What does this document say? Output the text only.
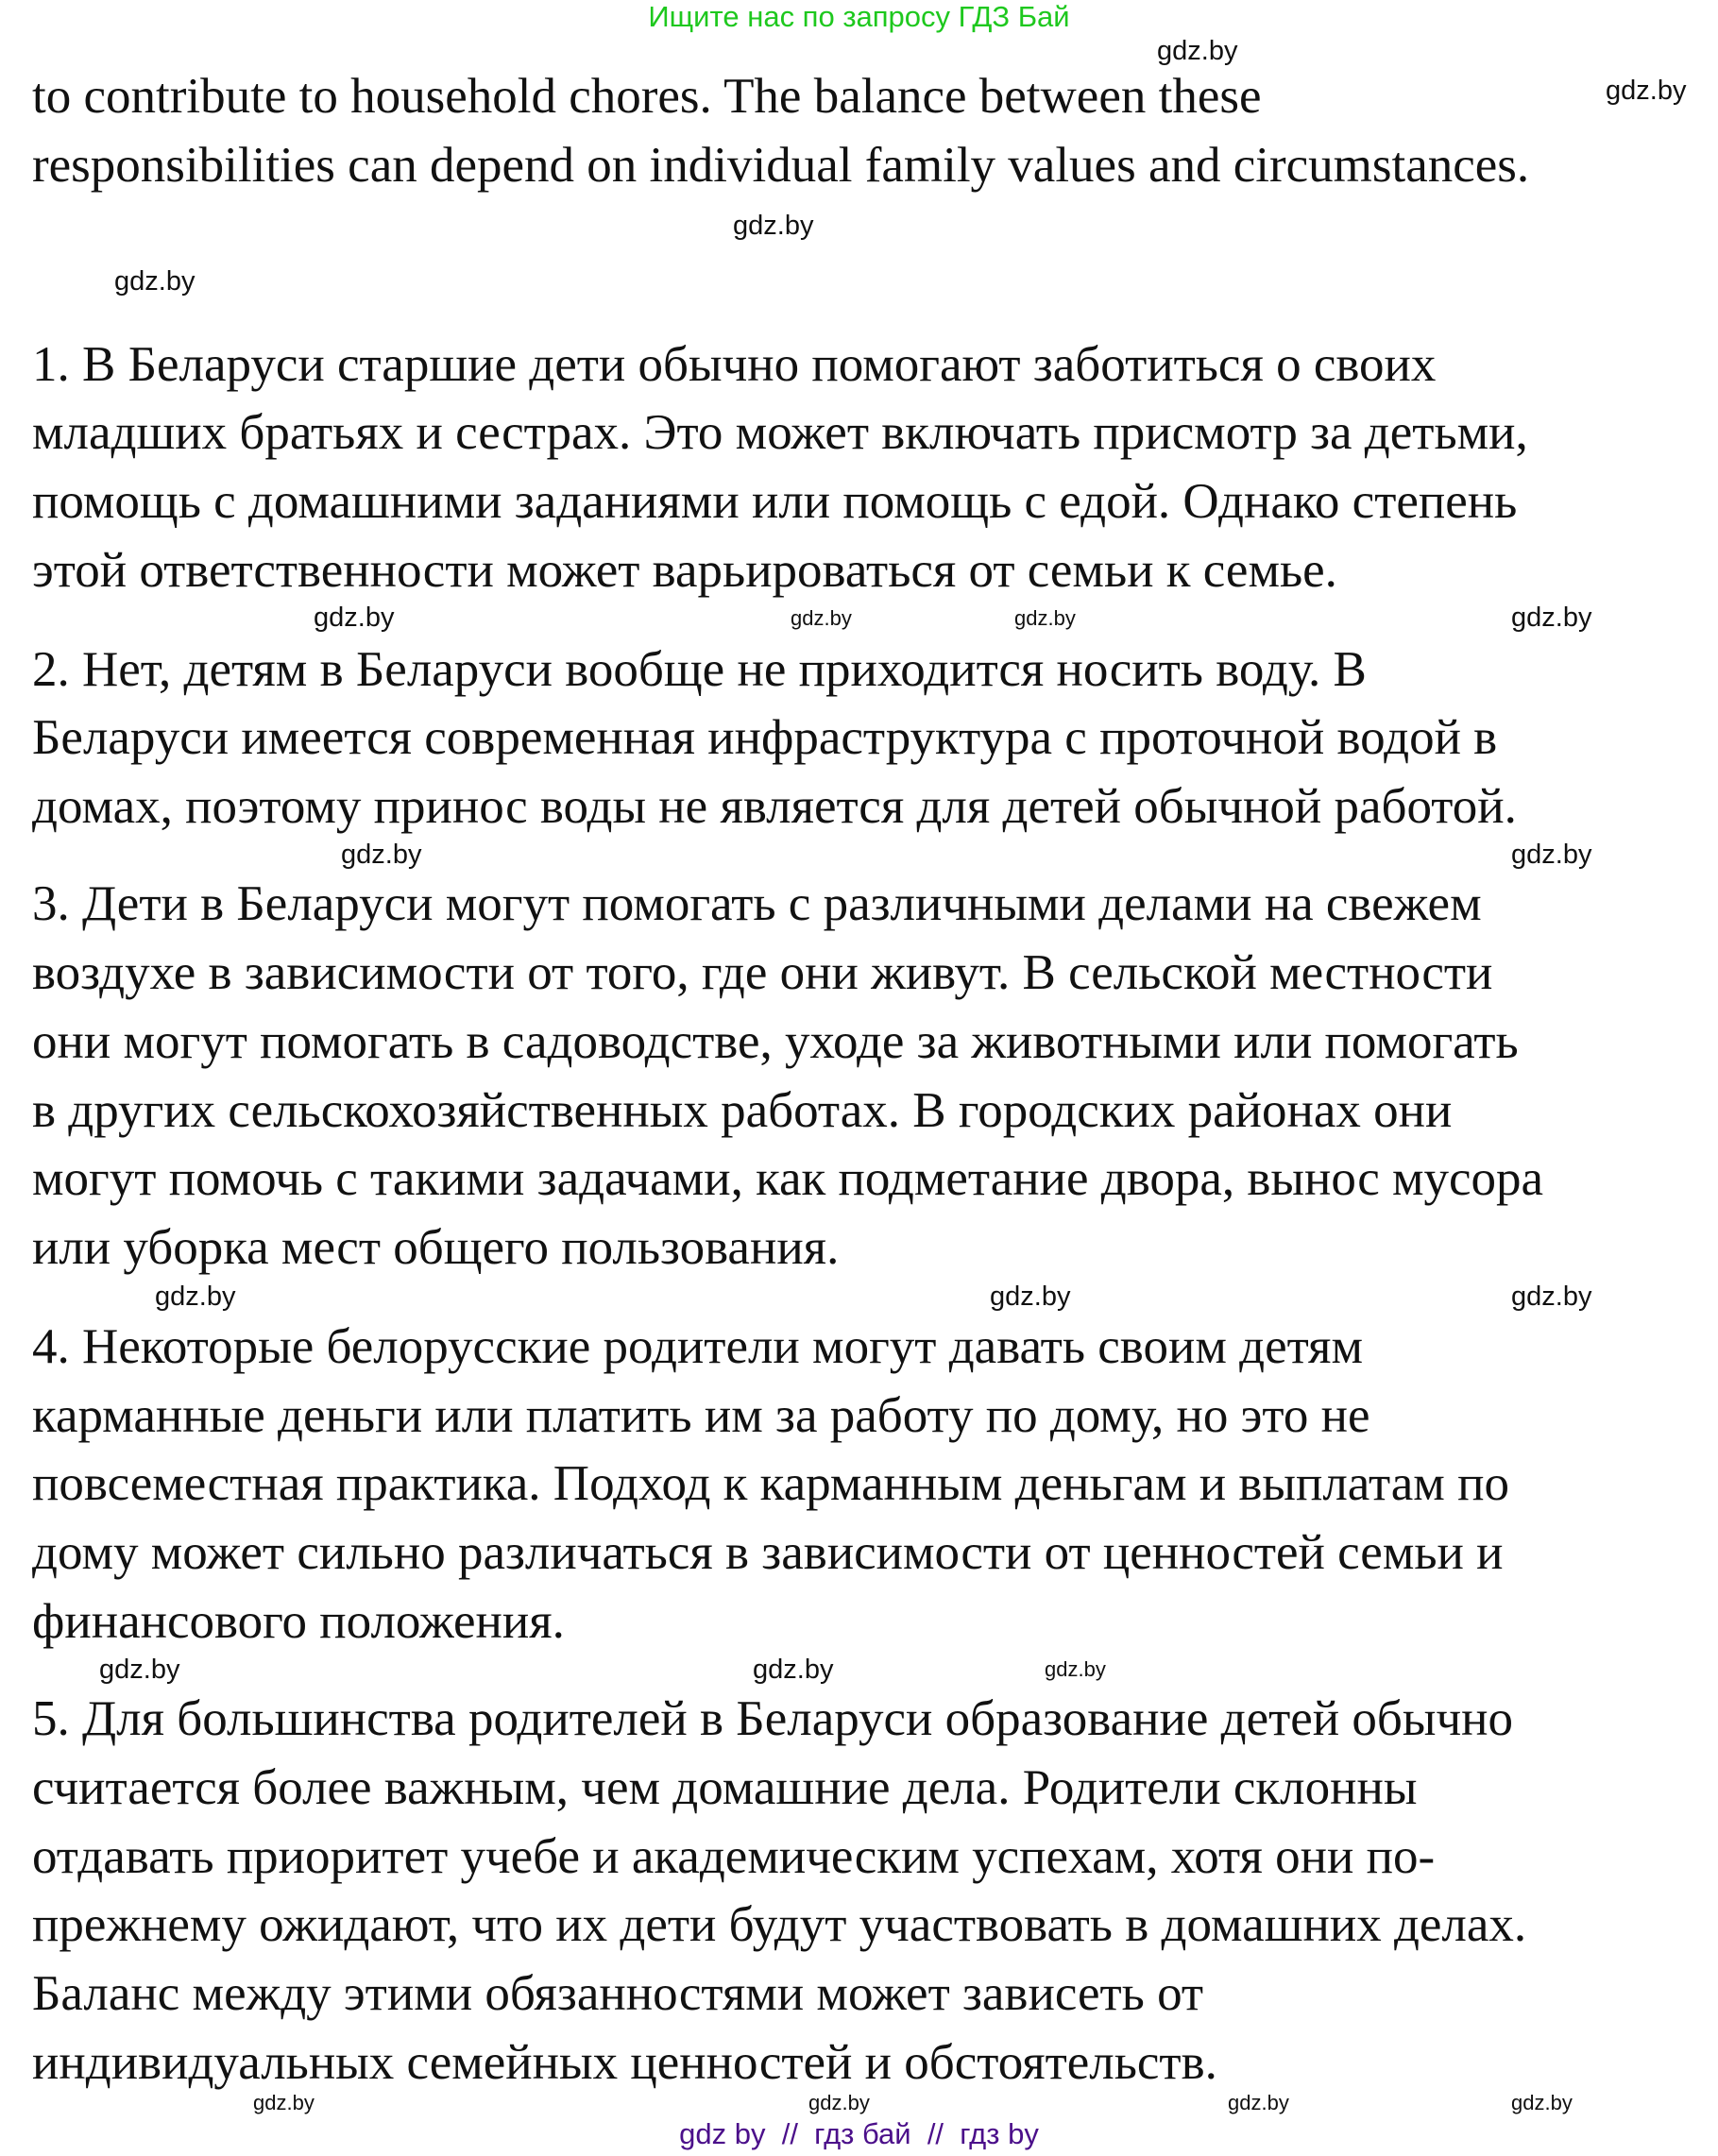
Ищите нас по запросу ГДЗ Бай
to contribute to household chores. The balance between these
responsibilities can depend on individual family values and circumstances.
1. В Беларуси старшие дети обычно помогают заботиться о своих
младших братьях и сестрах. Это может включать присмотр за детьми,
помощь с домашними заданиями или помощь с едой. Однако степень
этой ответственности может варьироваться от семьи к семье.
2. Нет, детям в Беларуси вообще не приходится носить воду. В
Беларуси имеется современная инфраструктура с проточной водой в
домах, поэтому принос воды не является для детей обычной работой.
3. Дети в Беларуси могут помогать с различными делами на свежем
воздухе в зависимости от того, где они живут. В сельской местности
они могут помогать в садоводстве, уходе за животными или помогать
в других сельскохозяйственных работах. В городских районах они
могут помочь с такими задачами, как подметание двора, вынос мусора
или уборка мест общего пользования.
4. Некоторые белорусские родители могут давать своим детям
карманные деньги или платить им за работу по дому, но это не
повсеместная практика. Подход к карманным деньгам и выплатам по
дому может сильно различаться в зависимости от ценностей семьи и
финансового положения.
5. Для большинства родителей в Беларуси образование детей обычно
считается более важным, чем домашние дела. Родители склонны
отдавать приоритет учебе и академическим успехам, хотя они по-
прежнему ожидают, что их дети будут участвовать в домашних делах.
Баланс между этими обязанностями может зависеть от
индивидуальных семейных ценностей и обстоятельств.
gdz.by
gdz.by
gdz.by
gdz.by
gdz.by	gdz.by	gdz.by	gdz.by
gdz.by	gdz.by
gdz.by	gdz.by	gdz.by
gdz.by	gdz.by	gdz.by
gdz.by	gdz.by	gdz.by	gdz.by
gdz by  //  гдз бай  //  гдз by
